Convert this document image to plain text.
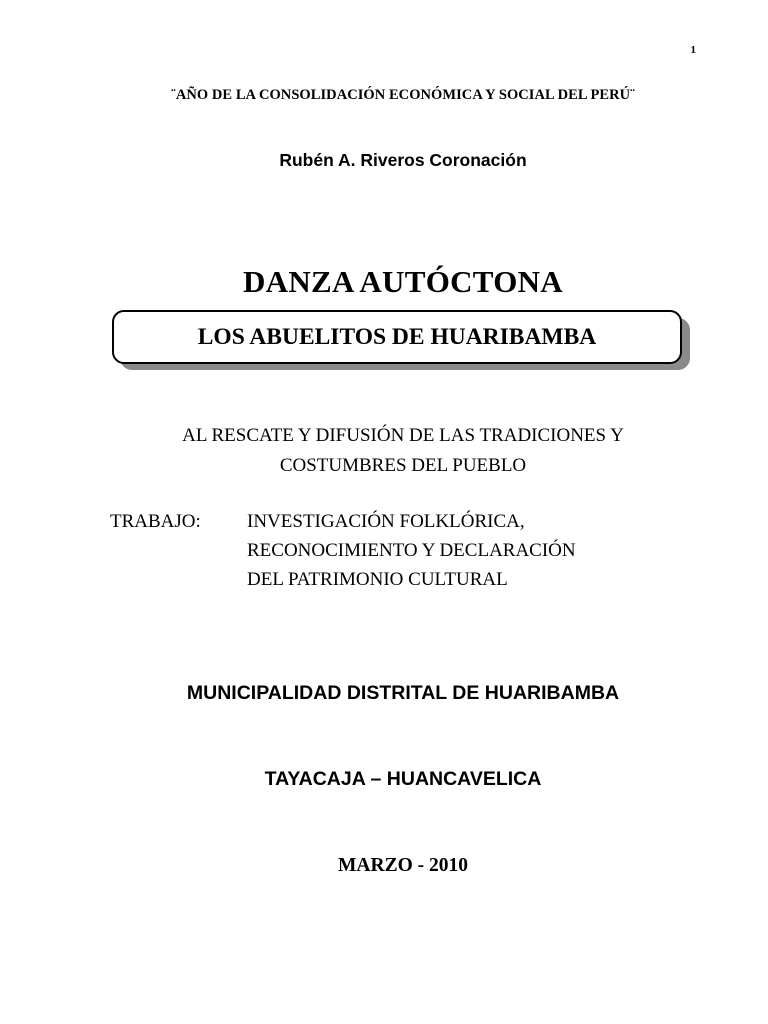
1
¨AÑO DE LA CONSOLIDACIÓN ECONÓMICA Y SOCIAL DEL PERÚ¨
Rubén A. Riveros Coronación
DANZA AUTÓCTONA
LOS ABUELITOS DE HUARIBAMBA
AL RESCATE Y DIFUSIÓN DE LAS TRADICIONES Y
COSTUMBRES DEL PUEBLO
TRABAJO:	INVESTIGACIÓN FOLKLÓRICA,
RECONOCIMIENTO Y DECLARACIÓN
DEL PATRIMONIO CULTURAL
MUNICIPALIDAD DISTRITAL DE HUARIBAMBA
TAYACAJA – HUANCAVELICA
MARZO - 2010
